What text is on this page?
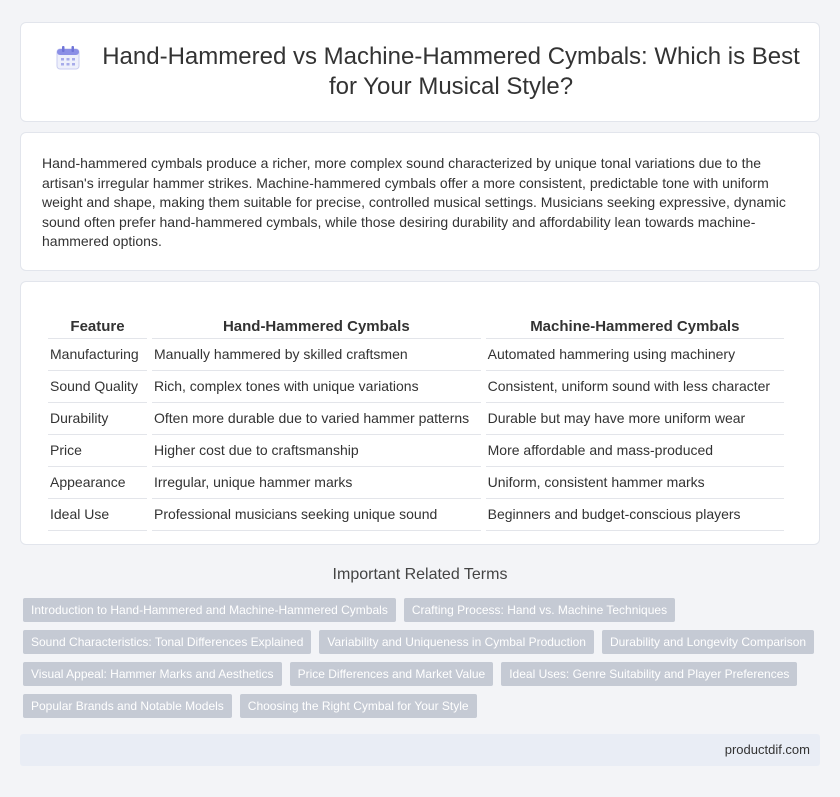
Hand-Hammered vs Machine-Hammered Cymbals: Which is Best for Your Musical Style?

Hand-hammered cymbals produce a richer, more complex sound characterized by unique tonal variations due to the artisan's irregular hammer strikes. Machine-hammered cymbals offer a more consistent, predictable tone with uniform weight and shape, making them suitable for precise, controlled musical settings. Musicians seeking expressive, dynamic sound often prefer hand-hammered cymbals, while those desiring durability and affordability lean towards machine-hammered options.

Feature	Hand-Hammered Cymbals	Machine-Hammered Cymbals
Manufacturing	Manually hammered by skilled craftsmen	Automated hammering using machinery
Sound Quality	Rich, complex tones with unique variations	Consistent, uniform sound with less character
Durability	Often more durable due to varied hammer patterns	Durable but may have more uniform wear
Price	Higher cost due to craftsmanship	More affordable and mass-produced
Appearance	Irregular, unique hammer marks	Uniform, consistent hammer marks
Ideal Use	Professional musicians seeking unique sound	Beginners and budget-conscious players
Important Related Terms
Introduction to Hand-Hammered and Machine-Hammered Cymbals	Crafting Process: Hand vs. Machine Techniques
Sound Characteristics: Tonal Differences Explained	Variability and Uniqueness in Cymbal Production	Durability and Longevity Comparison
Visual Appeal: Hammer Marks and Aesthetics	Price Differences and Market Value	Ideal Uses: Genre Suitability and Player Preferences
Popular Brands and Notable Models	Choosing the Right Cymbal for Your Style
productdif.com
